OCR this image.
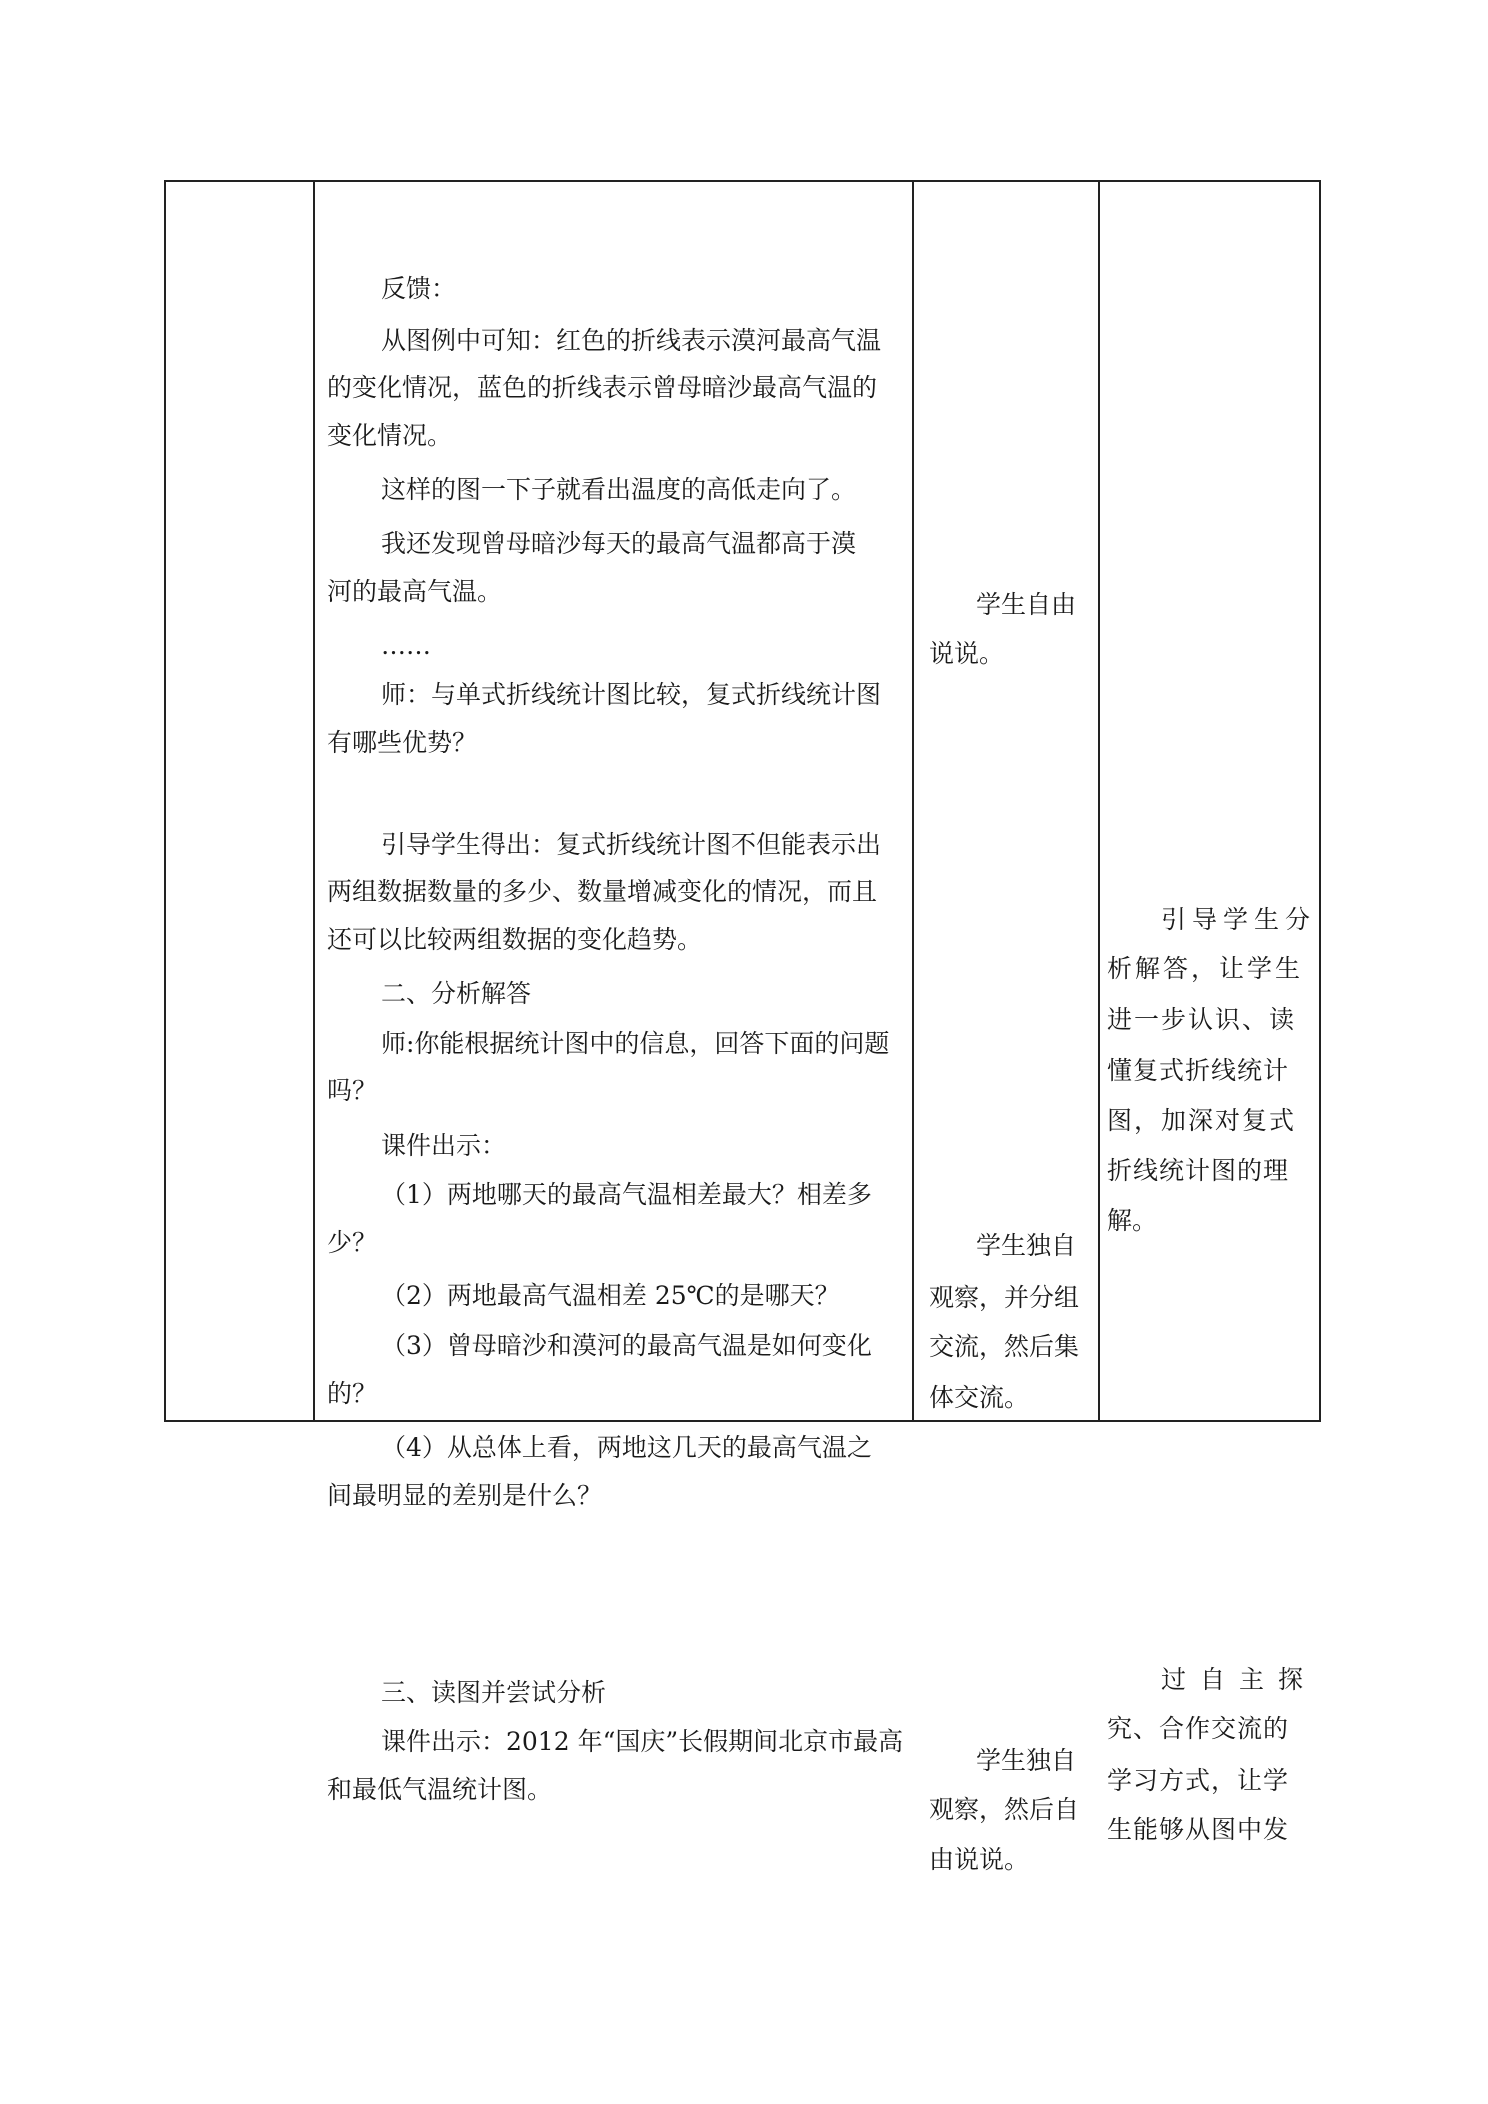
反馈：
从图例中可知：红色的折线表示漠河最高气温
的变化情况，蓝色的折线表示曾母暗沙最高气温的
变化情况。
这样的图一下子就看出温度的高低走向了。
我还发现曾母暗沙每天的最高气温都高于漠
河的最高气温。
……
师：与单式折线统计图比较，复式折线统计图
有哪些优势？
引导学生得出：复式折线统计图不但能表示出
两组数据数量的多少、数量增减变化的情况，而且
还可以比较两组数据的变化趋势。
二、分析解答
师:你能根据统计图中的信息，回答下面的问题
吗？
课件出示：
（1）两地哪天的最高气温相差最大？相差多
少？
（2）两地最高气温相差 25℃的是哪天？
（3）曾母暗沙和漠河的最高气温是如何变化
的？
（4）从总体上看，两地这几天的最高气温之
间最明显的差别是什么？
三、读图并尝试分析
课件出示：2012 年“国庆”长假期间北京市最高
和最低气温统计图。
学生自由
说说。
学生独自
观察，并分组
交流，然后集
体交流。
学生独自
观察，然后自
由说说。
引导学生分
析解答，让学生
进一步认识、读
懂复式折线统计
图，加深对复式
折线统计图的理
解。
过自主探
究、合作交流的
学习方式，让学
生能够从图中发
